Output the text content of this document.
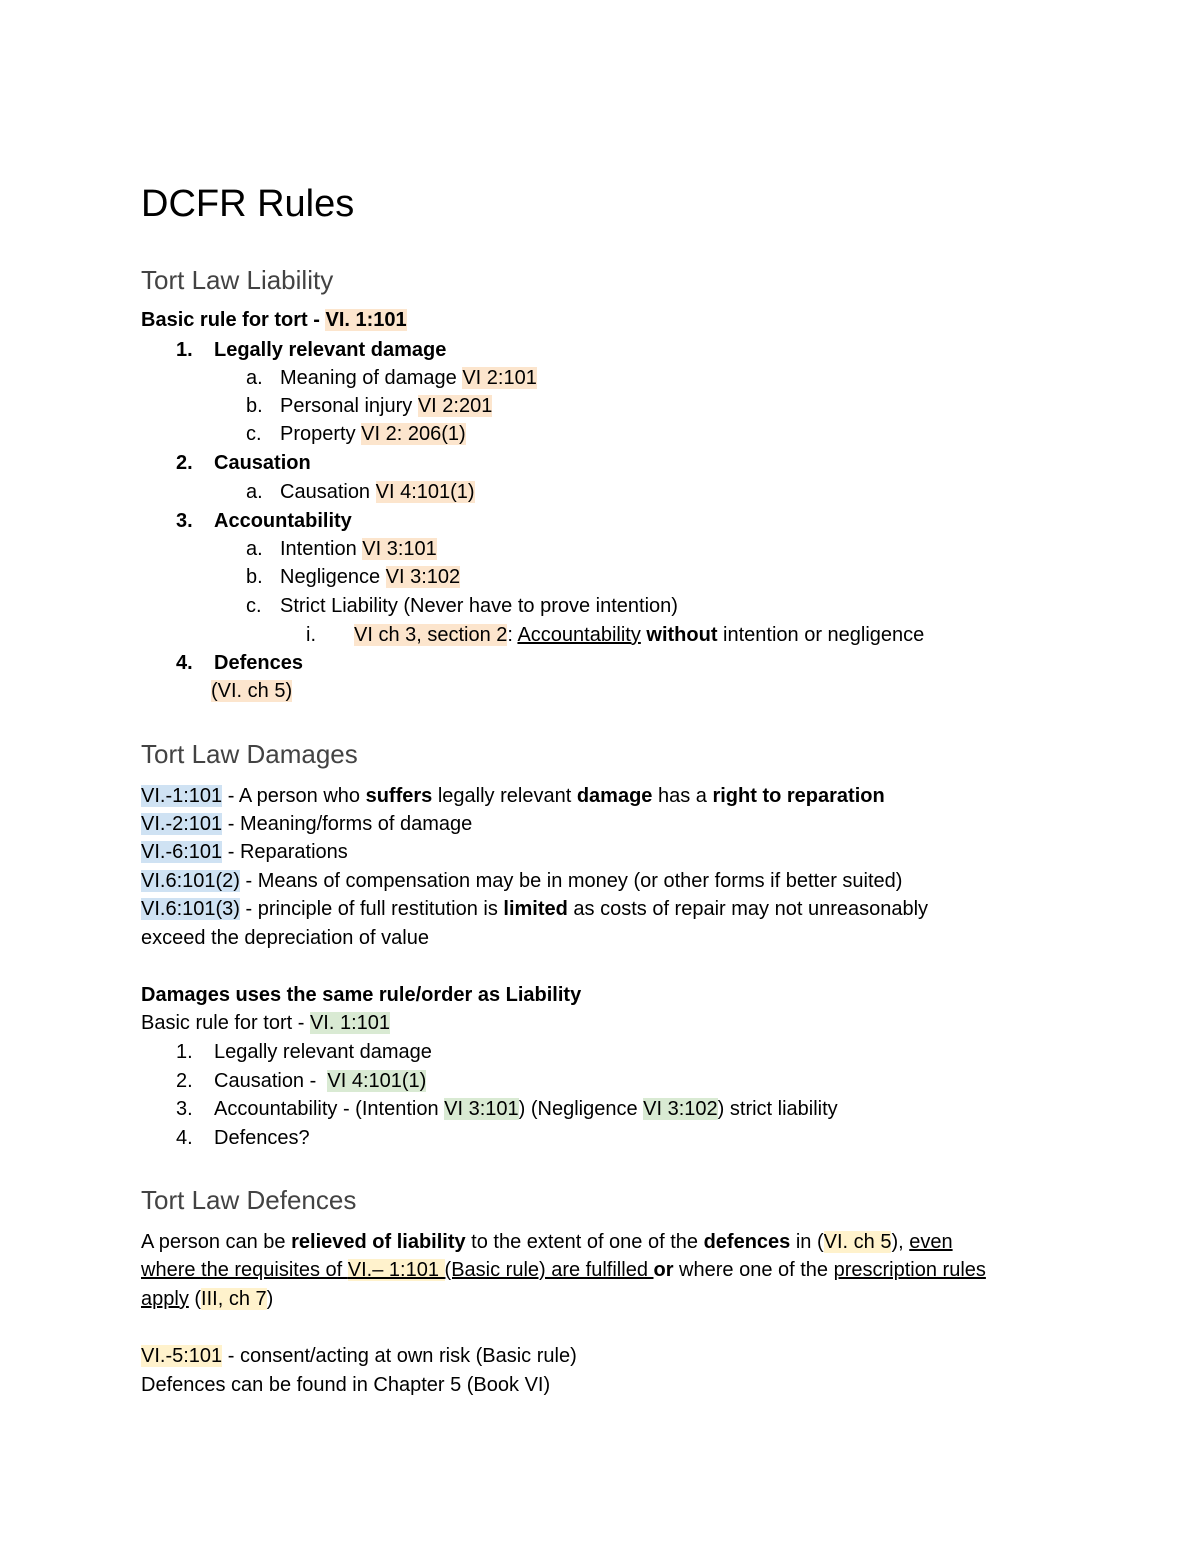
DCFR Rules
Tort Law Liability
Basic rule for tort - VI. 1:101
1. Legally relevant damage
a. Meaning of damage VI 2:101
b. Personal injury VI 2:201
c. Property VI 2: 206(1)
2. Causation
a. Causation VI 4:101(1)
3. Accountability
a. Intention VI 3:101
b. Negligence VI 3:102
c. Strict Liability (Never have to prove intention)
i. VI ch 3, section 2: Accountability without intention or negligence
4. Defences
(VI. ch 5)
Tort Law Damages
VI.-1:101 - A person who suffers legally relevant damage has a right to reparation
VI.-2:101 - Meaning/forms of damage
VI.-6:101 - Reparations
VI.6:101(2) - Means of compensation may be in money (or other forms if better suited)
VI.6:101(3) - principle of full restitution is limited as costs of repair may not unreasonably
exceed the depreciation of value
Damages uses the same rule/order as Liability
Basic rule for tort - VI. 1:101
1. Legally relevant damage
2. Causation -  VI 4:101(1)
3. Accountability - (Intention VI 3:101) (Negligence VI 3:102) strict liability
4. Defences?
Tort Law Defences
A person can be relieved of liability to the extent of one of the defences in (VI. ch 5), even
where the requisites of VI.– 1:101 (Basic rule) are fulfilled or where one of the prescription rules
apply (III, ch 7)
VI.-5:101 - consent/acting at own risk (Basic rule)
Defences can be found in Chapter 5 (Book VI)
